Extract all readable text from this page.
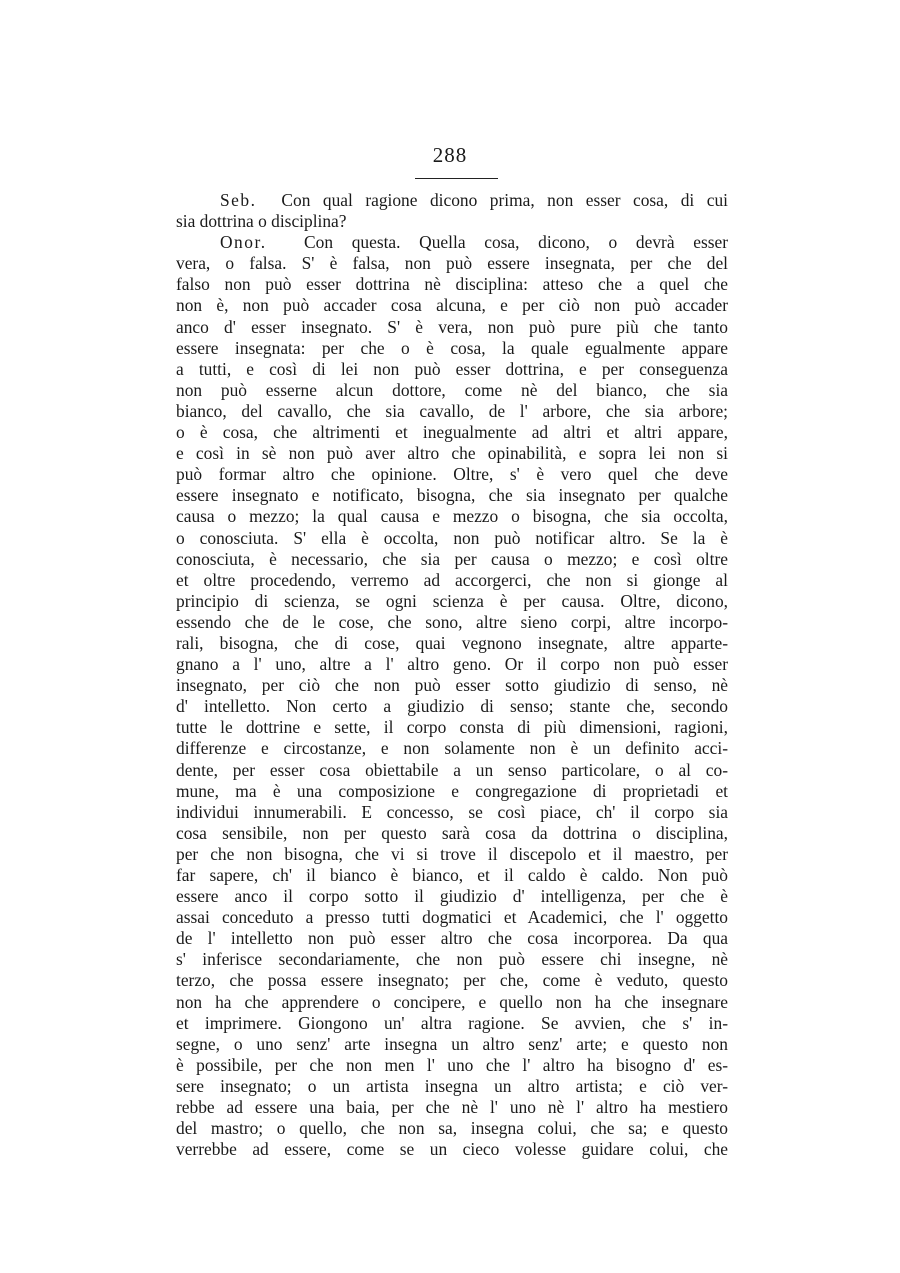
288
Seb. Con qual ragione dicono prima, non esser cosa, di cui
sia dottrina o disciplina?
Onor. Con questa. Quella cosa, dicono, o devrà esser
vera, o falsa. S' è falsa, non può essere insegnata, per che del
falso non può esser dottrina nè disciplina: atteso che a quel che
non è, non può accader cosa alcuna, e per ciò non può accader
anco d' esser insegnato. S' è vera, non può pure più che tanto
essere insegnata: per che o è cosa, la quale egualmente appare
a tutti, e così di lei non può esser dottrina, e per conseguenza
non può esserne alcun dottore, come nè del bianco, che sia
bianco, del cavallo, che sia cavallo, de l' arbore, che sia arbore;
o è cosa, che altrimenti et inegualmente ad altri et altri appare,
e così in sè non può aver altro che opinabilità, e sopra lei non si
può formar altro che opinione. Oltre, s' è vero quel che deve
essere insegnato e notificato, bisogna, che sia insegnato per qualche
causa o mezzo; la qual causa e mezzo o bisogna, che sia occolta,
o conosciuta. S' ella è occolta, non può notificar altro. Se la è
conosciuta, è necessario, che sia per causa o mezzo; e così oltre
et oltre procedendo, verremo ad accorgerci, che non si gionge al
principio di scienza, se ogni scienza è per causa. Oltre, dicono,
essendo che de le cose, che sono, altre sieno corpi, altre incorpo-
rali, bisogna, che di cose, quai vegnono insegnate, altre apparte-
gnano a l' uno, altre a l' altro geno. Or il corpo non può esser
insegnato, per ciò che non può esser sotto giudizio di senso, nè
d' intelletto. Non certo a giudizio di senso; stante che, secondo
tutte le dottrine e sette, il corpo consta di più dimensioni, ragioni,
differenze e circostanze, e non solamente non è un definito acci-
dente, per esser cosa obiettabile a un senso particolare, o al co-
mune, ma è una composizione e congregazione di proprietadi et
individui innumerabili. E concesso, se così piace, ch' il corpo sia
cosa sensibile, non per questo sarà cosa da dottrina o disciplina,
per che non bisogna, che vi si trove il discepolo et il maestro, per
far sapere, ch' il bianco è bianco, et il caldo è caldo. Non può
essere anco il corpo sotto il giudizio d' intelligenza, per che è
assai conceduto a presso tutti dogmatici et Academici, che l' oggetto
de l' intelletto non può esser altro che cosa incorporea. Da qua
s' inferisce secondariamente, che non può essere chi insegne, nè
terzo, che possa essere insegnato; per che, come è veduto, questo
non ha che apprendere o concipere, e quello non ha che insegnare
et imprimere. Giongono un' altra ragione. Se avvien, che s' in-
segne, o uno senz' arte insegna un altro senz' arte; e questo non
è possibile, per che non men l' uno che l' altro ha bisogno d' es-
sere insegnato; o un artista insegna un altro artista; e ciò ver-
rebbe ad essere una baia, per che nè l' uno nè l' altro ha mestiero
del mastro; o quello, che non sa, insegna colui, che sa; e questo
verrebbe ad essere, come se un cieco volesse guidare colui, che
